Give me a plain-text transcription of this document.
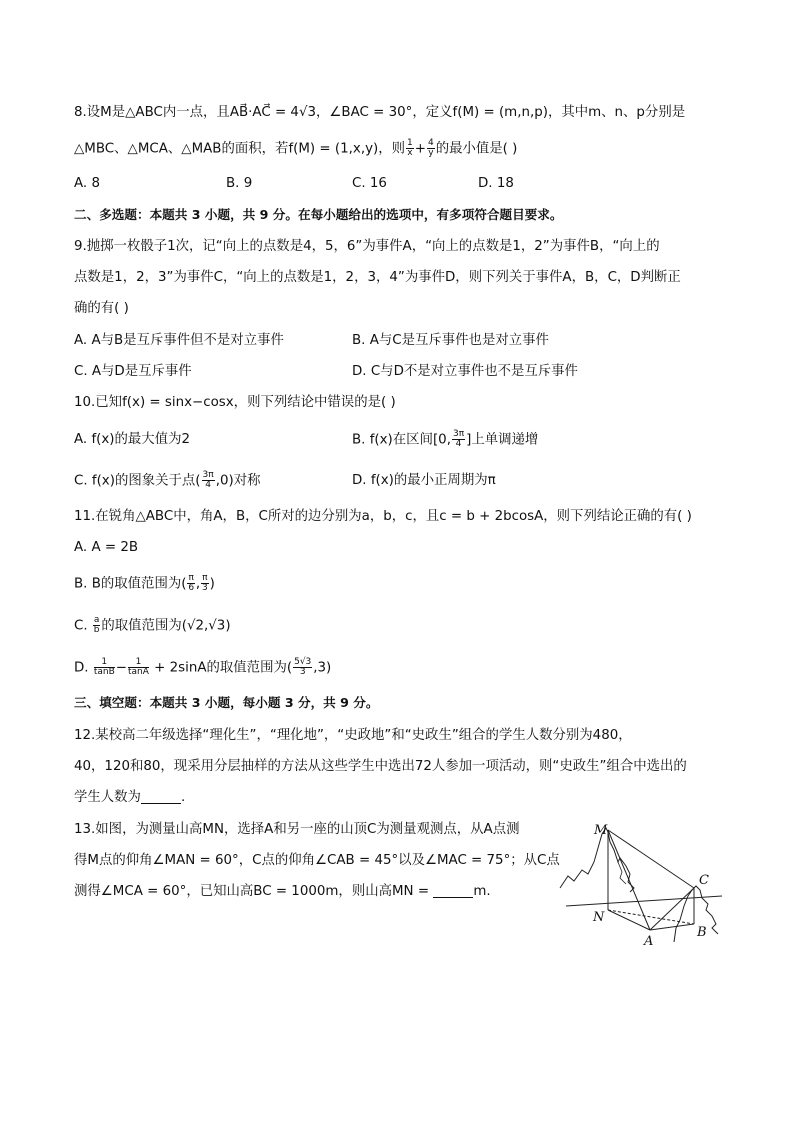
8.设M是△ABC内一点，且AB⃗·AC⃗ = 4√3，∠BAC = 30°，定义f(M) = (m,n,p)，其中m、n、p分别是
△MBC、△MCA、△MAB的面积，若f(M) = (1,x,y)，则 $\frac{1}{x} + \frac{4}{y}$ 的最小值是( )
A. 8	B. 9	C. 16	D. 18
二、多选题：本题共 3 小题，共 9 分。在每小题给出的选项中，有多项符合题目要求。
9.抛掷一枚骰子1次，记“向上的点数是4，5，6”为事件A，“向上的点数是1，2”为事件B，“向上的
点数是1，2，3”为事件C，“向上的点数是1，2，3，4”为事件D，则下列关于事件A，B，C，D判断正
确的有( )
A. A与B是互斥事件但不是对立事件	B. A与C是互斥事件也是对立事件
C. A与D是互斥事件	D. C与D不是对立事件也不是互斥事件
10.已知f(x) = sinx−cosx，则下列结论中错误的是( )
A. f(x)的最大值为2	B. f(x)在区间[0, $\frac{3\pi}{4}$ ]上单调递增
C. f(x)的图象关于点( $\frac{3\pi}{4} ,0$)对称	D. f(x)的最小正周期为π
11.在锐角△ABC中，角A，B，C所对的边分别为a，b，c，且c = b + 2bcosA，则下列结论正确的有( )
A. A = 2B
B. B的取值范围为( $\frac{\pi}{6}$ , $\frac{\pi}{3}$ )
C. $\frac{a}{b}$ 的取值范围为(√2,√3)
D. $\frac{1}{\tan B} - \frac{1}{\tan A} + 2\sin A$的取值范围为( $\frac{5√3}{3} ,3$)
三、填空题：本题共 3 小题，每小题 3 分，共 9 分。
12.某校高二年级选择“理化生”，“理化地”，“史政地”和“史政生”组合的学生人数分别为480，
40，120和80，现采用分层抽样的方法从这些学生中选出72人参加一项活动，则“史政生”组合中选出的
学生人数为	.
13.如图，为测量山高MN，选择A和另一座的山顶C为测量观测点，从A点测
得M点的仰角∠MAN = 60°，C点的仰角∠CAB = 45°以及∠MAC = 75°；从C点
测得∠MCA = 60°，已知山高BC = 1000m，则山高MN =	m.
M
C
N
A
B
